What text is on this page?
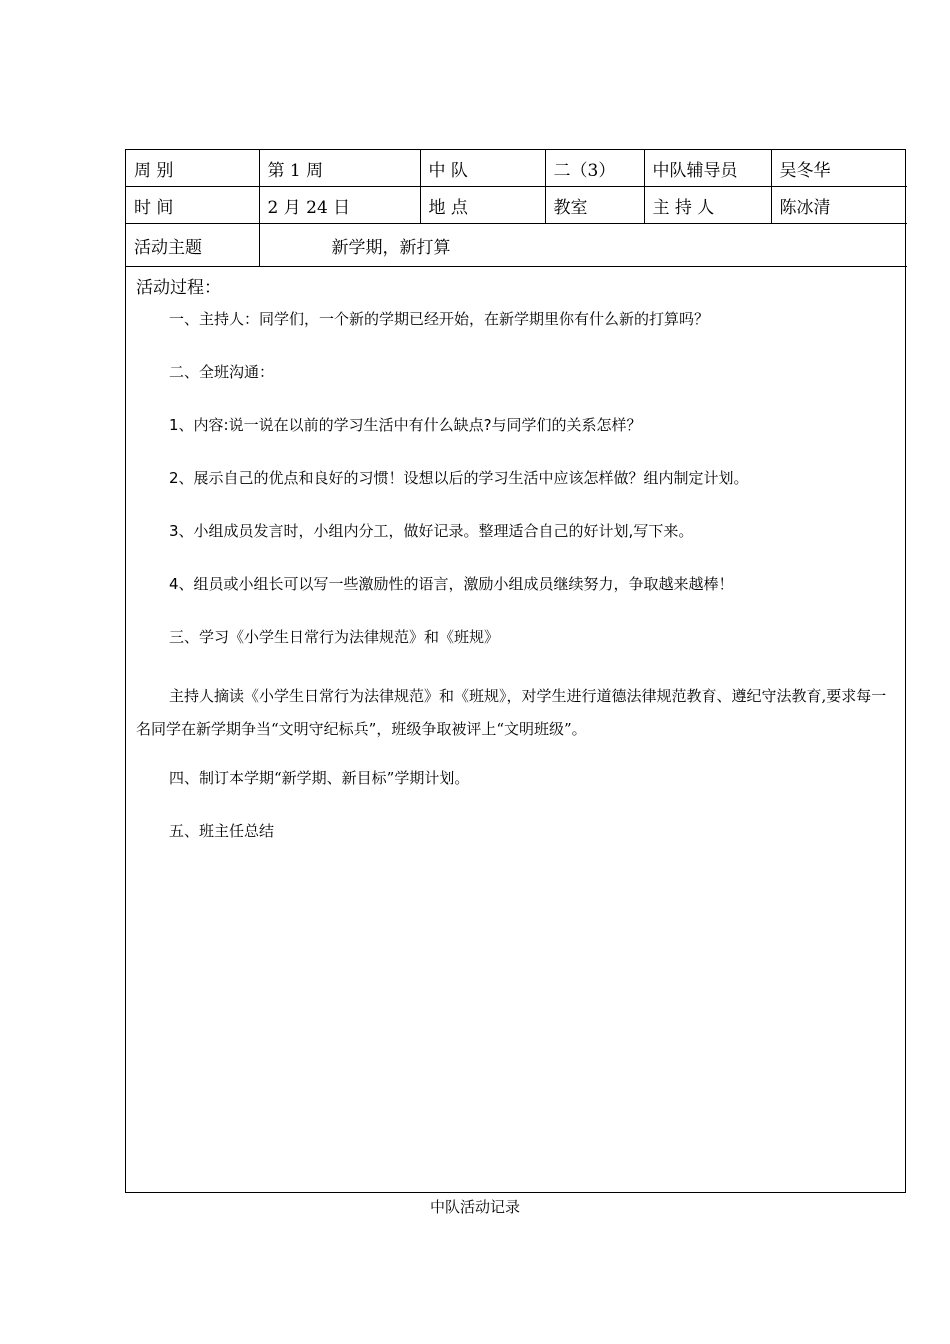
周 别	第 1 周	中 队	二（3）	中队辅导员	吴冬华
时 间	2 月 24 日	地 点	教室	主 持 人	陈冰清
活动主题	新学期，新打算				
活动过程：

一、主持人：同学们，一个新的学期已经开始，在新学期里你有什么新的打算吗？

二、全班沟通：

1、内容:说一说在以前的学习生活中有什么缺点?与同学们的关系怎样？

2、展示自己的优点和良好的习惯！设想以后的学习生活中应该怎样做？组内制定计划。

3、小组成员发言时，小组内分工，做好记录。整理适合自己的好计划,写下来。

4、组员或小组长可以写一些激励性的语言，激励小组成员继续努力，争取越来越棒！

三、学习《小学生日常行为法律规范》和《班规》

主持人摘读《小学生日常行为法律规范》和《班规》，对学生进行道德法律规范教育、遵纪守法教育,要求每一名同学在新学期争当“文明守纪标兵”，班级争取被评上“文明班级”。

四、制订本学期“新学期、新目标”学期计划。

五、班主任总结

中队活动记录
